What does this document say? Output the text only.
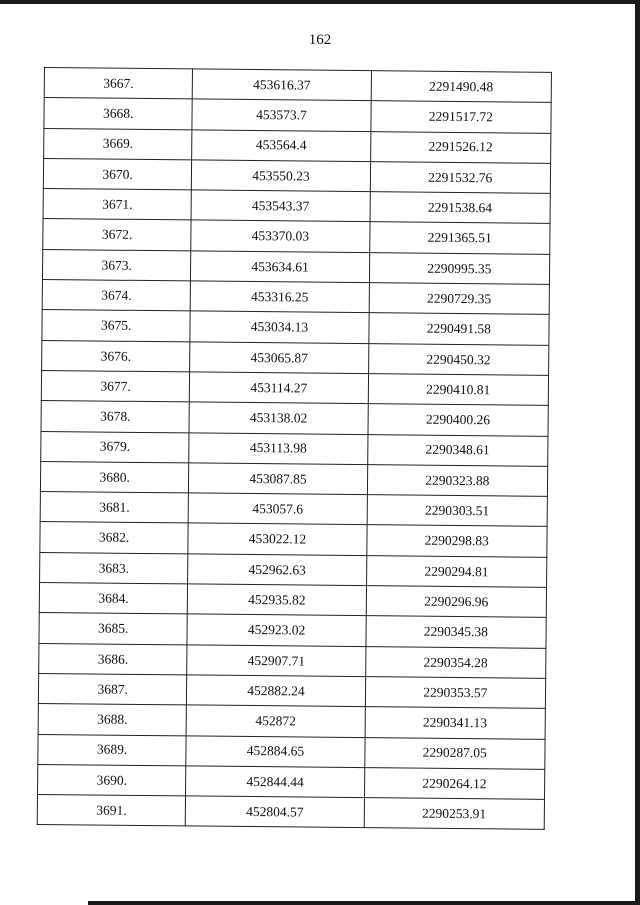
162
3667.	453616.37	2291490.48
3668.	453573.7	2291517.72
3669.	453564.4	2291526.12
3670.	453550.23	2291532.76
3671.	453543.37	2291538.64
3672.	453370.03	2291365.51
3673.	453634.61	2290995.35
3674.	453316.25	2290729.35
3675.	453034.13	2290491.58
3676.	453065.87	2290450.32
3677.	453114.27	2290410.81
3678.	453138.02	2290400.26
3679.	453113.98	2290348.61
3680.	453087.85	2290323.88
3681.	453057.6	2290303.51
3682.	453022.12	2290298.83
3683.	452962.63	2290294.81
3684.	452935.82	2290296.96
3685.	452923.02	2290345.38
3686.	452907.71	2290354.28
3687.	452882.24	2290353.57
3688.	452872	2290341.13
3689.	452884.65	2290287.05
3690.	452844.44	2290264.12
3691.	452804.57	2290253.91
